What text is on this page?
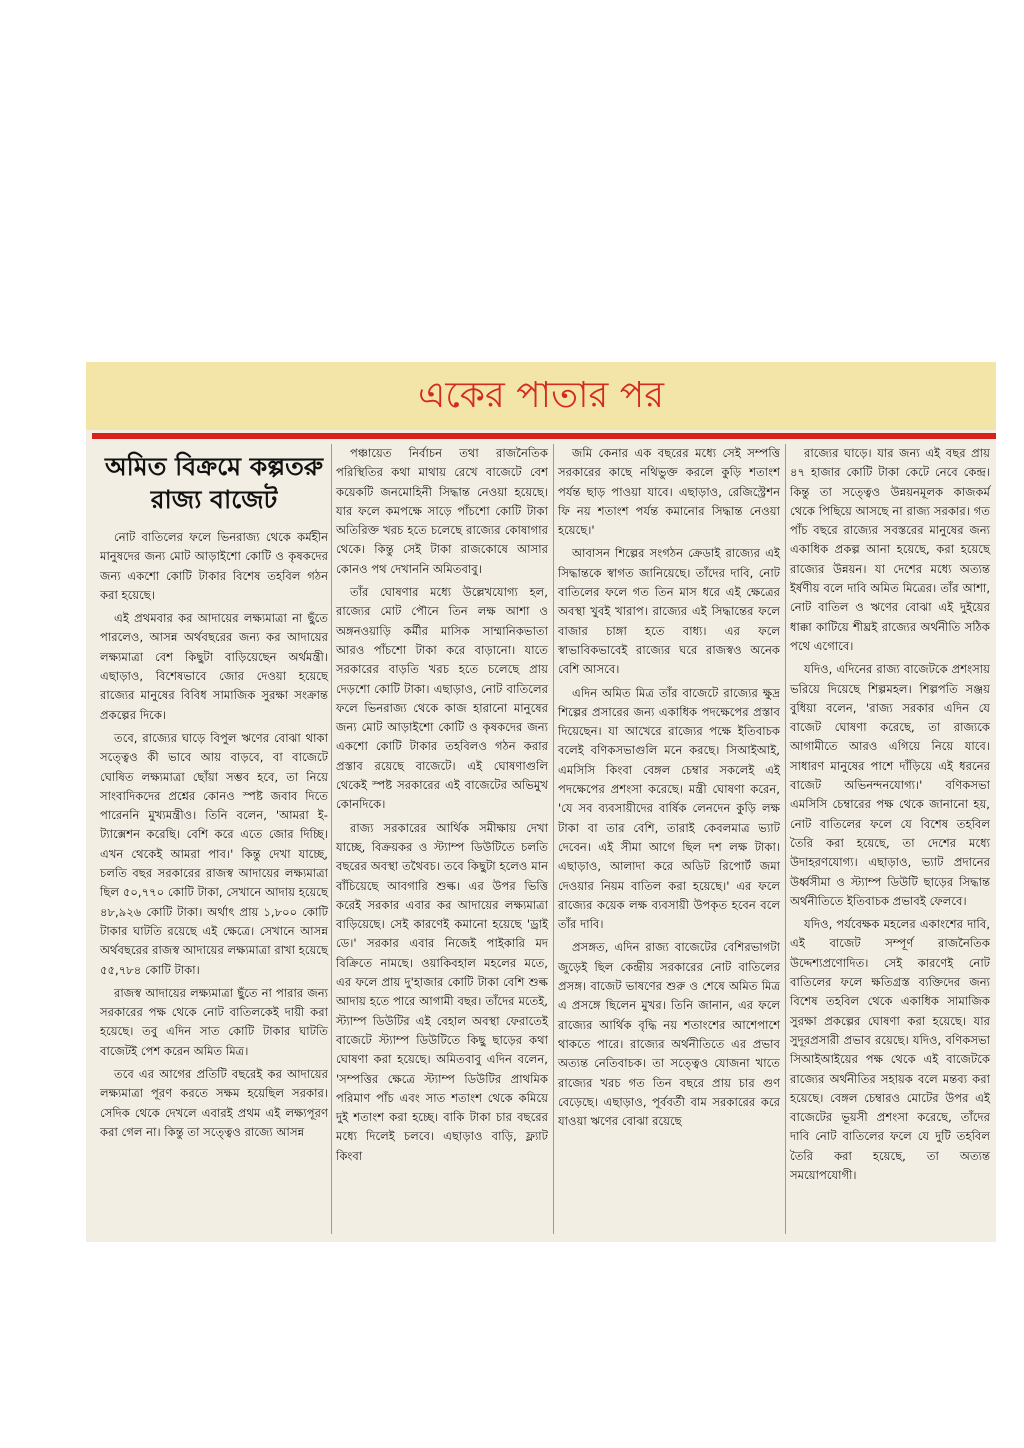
একের পাতার পর
অমিত বিক্রমে কল্পতরু রাজ্য বাজেট

নোট বাতিলের ফলে ভিনরাজ্য থেকে কর্মহীন মানুষদের জন্য মোট আড়াইশো কোটি ও কৃষকদের জন্য একশো কোটি টাকার বিশেষ তহবিল গঠন করা হয়েছে।

এই প্রথমবার কর আদায়ের লক্ষ্যমাত্রা না ছুঁতে পারলেও, আসন্ন অর্থবছরের জন্য কর আদায়ের লক্ষ্যমাত্রা বেশ কিছুটা বাড়িয়েছেন অর্থমন্ত্রী। এছাড়াও, বিশেষভাবে জোর দেওয়া হয়েছে রাজ্যের মানুষের বিবিধ সামাজিক সুরক্ষা সংক্রান্ত প্রকল্পের দিকে।

তবে, রাজ্যের ঘাড়ে বিপুল ঋণের বোঝা থাকা সত্ত্বেও কী ভাবে আয় বাড়বে, বা বাজেটে ঘোষিত লক্ষ্যমাত্রা ছোঁয়া সম্ভব হবে, তা নিয়ে সাংবাদিকদের প্রশ্নের কোনও স্পষ্ট জবাব দিতে পারেননি মুখ্যমন্ত্রীও। তিনি বলেন, 'আমরা ই-ট্যাক্সেশন করেছি। বেশি করে এতে জোর দিচ্ছি। এখন থেকেই আমরা পাব।' কিন্তু দেখা যাচ্ছে, চলতি বছর সরকারের রাজস্ব আদায়ের লক্ষ্যমাত্রা ছিল ৫০,৭৭০ কোটি টাকা, সেখানে আদায় হয়েছে ৪৮,৯২৬ কোটি টাকা। অর্থাৎ প্রায় ১,৮০০ কোটি টাকার ঘাটতি রয়েছে এই ক্ষেত্রে। সেখানে আসন্ন অর্থবছরের রাজস্ব আদায়ের লক্ষ্যমাত্রা রাখা হয়েছে ৫৫,৭৮৪ কোটি টাকা।

রাজস্ব আদায়ের লক্ষ্যমাত্রা ছুঁতে না পারার জন্য সরকারের পক্ষ থেকে নোট বাতিলকেই দায়ী করা হয়েছে। তবু এদিন সাত কোটি টাকার ঘাটতি বাজেটই পেশ করেন অমিত মিত্র।

তবে এর আগের প্রতিটি বছরেই কর আদায়ের লক্ষ্যমাত্রা পূরণ করতে সক্ষম হয়েছিল সরকার। সেদিক থেকে দেখলে এবারই প্রথম এই লক্ষ্যপূরণ করা গেল না। কিন্তু তা সত্ত্বেও রাজ্যে আসন্ন

পঞ্চায়েত নির্বাচন তথা রাজনৈতিক পরিস্থিতির কথা মাথায় রেখে বাজেটে বেশ কয়েকটি জনমোহিনী সিদ্ধান্ত নেওয়া হয়েছে। যার ফলে কমপক্ষে সাড়ে পাঁচশো কোটি টাকা অতিরিক্ত খরচ হতে চলেছে রাজ্যের কোষাগার থেকে। কিন্তু সেই টাকা রাজকোষে আসার কোনও পথ দেখাননি অমিতবাবু।

তাঁর ঘোষণার মধ্যে উল্লেখযোগ্য হল, রাজ্যের মোট পৌনে তিন লক্ষ আশা ও অঙ্গনওয়াড়ি কর্মীর মাসিক সাম্মানিকভাতা আরও পাঁচশো টাকা করে বাড়ানো। যাতে সরকারের বাড়তি খরচ হতে চলেছে প্রায় দেড়শো কোটি টাকা। এছাড়াও, নোট বাতিলের ফলে ভিনরাজ্য থেকে কাজ হারানো মানুষের জন্য মোট আড়াইশো কোটি ও কৃষকদের জন্য একশো কোটি টাকার তহবিলও গঠন করার প্রস্তাব রয়েছে বাজেটে। এই ঘোষণাগুলি থেকেই স্পষ্ট সরকারের এই বাজেটের অভিমুখ কোনদিকে।

রাজ্য সরকারের আর্থিক সমীক্ষায় দেখা যাচ্ছে, বিক্রয়কর ও স্ট্যাম্প ডিউটিতে চলতি বছরের অবস্থা তথৈবচ। তবে কিছুটা হলেও মান বাঁচিয়েছে আবগারি শুল্ক। এর উপর ভিত্তি করেই সরকার এবার কর আদায়ের লক্ষ্যমাত্রা বাড়িয়েছে। সেই কারণেই কমানো হয়েছে 'ড্রাই ডে।' সরকার এবার নিজেই পাইকারি মদ বিক্রিতে নামছে। ওয়াকিবহাল মহলের মতে, এর ফলে প্রায় দু'হাজার কোটি টাকা বেশি শুল্ক আদায় হতে পারে আগামী বছর। তাঁদের মতেই, স্ট্যাম্প ডিউটির এই বেহাল অবস্থা ফেরাতেই বাজেটে স্ট্যাম্প ডিউটিতে কিছু ছাড়ের কথা ঘোষণা করা হয়েছে। অমিতবাবু এদিন বলেন, 'সম্পত্তির ক্ষেত্রে স্ট্যাম্প ডিউটির প্রাথমিক পরিমাণ পাঁচ এবং সাত শতাংশ থেকে কমিয়ে দুই শতাংশ করা হচ্ছে। বাকি টাকা চার বছরের মধ্যে দিলেই চলবে। এছাড়াও বাড়ি, ফ্ল্যাট কিংবা

জমি কেনার এক বছরের মধ্যে সেই সম্পত্তি সরকারের কাছে নথিভুক্ত করলে কুড়ি শতাংশ পর্যন্ত ছাড় পাওয়া যাবে। এছাড়াও, রেজিস্ট্রেশন ফি নয় শতাংশ পর্যন্ত কমানোর সিদ্ধান্ত নেওয়া হয়েছে।'

আবাসন শিল্পের সংগঠন ক্রেডাই রাজ্যের এই সিদ্ধান্তকে স্বাগত জানিয়েছে। তাঁদের দাবি, নোট বাতিলের ফলে গত তিন মাস ধরে এই ক্ষেত্রের অবস্থা খুবই খারাপ। রাজ্যের এই সিদ্ধান্তের ফলে বাজার চাঙ্গা হতে বাধ্য। এর ফলে স্বাভাবিকভাবেই রাজ্যের ঘরে রাজস্বও অনেক বেশি আসবে।

এদিন অমিত মিত্র তাঁর বাজেটে রাজ্যের ক্ষুদ্র শিল্পের প্রসারের জন্য একাধিক পদক্ষেপের প্রস্তাব দিয়েছেন। যা আখেরে রাজ্যের পক্ষে ইতিবাচক বলেই বণিকসভাগুলি মনে করছে। সিআইআই, এমসিসি কিংবা বেঙ্গল চেম্বার সকলেই এই পদক্ষেপের প্রশংসা করেছে। মন্ত্রী ঘোষণা করেন, 'যে সব ব্যবসায়ীদের বার্ষিক লেনদেন কুড়ি লক্ষ টাকা বা তার বেশি, তারাই কেবলমাত্র ভ্যাট দেবেন। এই সীমা আগে ছিল দশ লক্ষ টাকা। এছাড়াও, আলাদা করে অডিট রিপোর্ট জমা দেওয়ার নিয়ম বাতিল করা হয়েছে।' এর ফলে রাজ্যের কয়েক লক্ষ ব্যবসায়ী উপকৃত হবেন বলে তাঁর দাবি।

প্রসঙ্গত, এদিন রাজ্য বাজেটের বেশিরভাগটা জুড়েই ছিল কেন্দ্রীয় সরকারের নোট বাতিলের প্রসঙ্গ। বাজেট ভাষণের শুরু ও শেষে অমিত মিত্র এ প্রসঙ্গে ছিলেন মুখর। তিনি জানান, এর ফলে রাজ্যের আর্থিক বৃদ্ধি নয় শতাংশের আশেপাশে থাকতে পারে। রাজ্যের অর্থনীতিতে এর প্রভাব অত্যন্ত নেতিবাচক। তা সত্ত্বেও যোজনা খাতে রাজ্যের খরচ গত তিন বছরে প্রায় চার গুণ বেড়েছে। এছাড়াও, পূর্ববর্তী বাম সরকারের করে যাওয়া ঋণের বোঝা রয়েছে

রাজ্যের ঘাড়ে। যার জন্য এই বছর প্রায় ৪৭ হাজার কোটি টাকা কেটে নেবে কেন্দ্র। কিন্তু তা সত্ত্বেও উন্নয়নমূলক কাজকর্ম থেকে পিছিয়ে আসছে না রাজ্য সরকার। গত পাঁচ বছরে রাজ্যের সবস্তরের মানুষের জন্য একাধিক প্রকল্প আনা হয়েছে, করা হয়েছে রাজ্যের উন্নয়ন। যা দেশের মধ্যে অত্যন্ত ইর্ষণীয় বলে দাবি অমিত মিত্রের। তাঁর আশা, নোট বাতিল ও ঋণের বোঝা এই দুইয়ের ধাক্কা কাটিয়ে শীঘ্রই রাজ্যের অর্থনীতি সঠিক পথে এগোবে।

যদিও, এদিনের রাজ্য বাজেটকে প্রশংসায় ভরিয়ে দিয়েছে শিল্পমহল। শিল্পপতি সঞ্জয় বুধিয়া বলেন, 'রাজ্য সরকার এদিন যে বাজেট ঘোষণা করেছে, তা রাজ্যকে আগামীতে আরও এগিয়ে নিয়ে যাবে। সাধারণ মানুষের পাশে দাঁড়িয়ে এই ধরনের বাজেট অভিনন্দনযোগ্য।' বণিকসভা এমসিসি চেম্বারের পক্ষ থেকে জানানো হয়, নোট বাতিলের ফলে যে বিশেষ তহবিল তৈরি করা হয়েছে, তা দেশের মধ্যে উদাহরণযোগ্য। এছাড়াও, ভ্যাট প্রদানের উর্ধ্বসীমা ও স্ট্যাম্প ডিউটি ছাড়ের সিদ্ধান্ত অর্থনীতিতে ইতিবাচক প্রভাবই ফেলবে।

যদিও, পর্যবেক্ষক মহলের একাংশের দাবি, এই বাজেট সম্পূর্ণ রাজনৈতিক উদ্দেশ্যপ্রণোদিত। সেই কারণেই নোট বাতিলের ফলে ক্ষতিগ্রস্ত ব্যক্তিদের জন্য বিশেষ তহবিল থেকে একাধিক সামাজিক সুরক্ষা প্রকল্পের ঘোষণা করা হয়েছে। যার সুদূরপ্রসারী প্রভাব রয়েছে। যদিও, বণিকসভা সিআইআইয়ের পক্ষ থেকে এই বাজেটকে রাজ্যের অর্থনীতির সহায়ক বলে মন্তব্য করা হয়েছে। বেঙ্গল চেম্বারও মোটের উপর এই বাজেটের ভূয়সী প্রশংসা করেছে, তাঁদের দাবি নোট বাতিলের ফলে যে দুটি তহবিল তৈরি করা হয়েছে, তা অত্যন্ত সময়োপযোগী।
